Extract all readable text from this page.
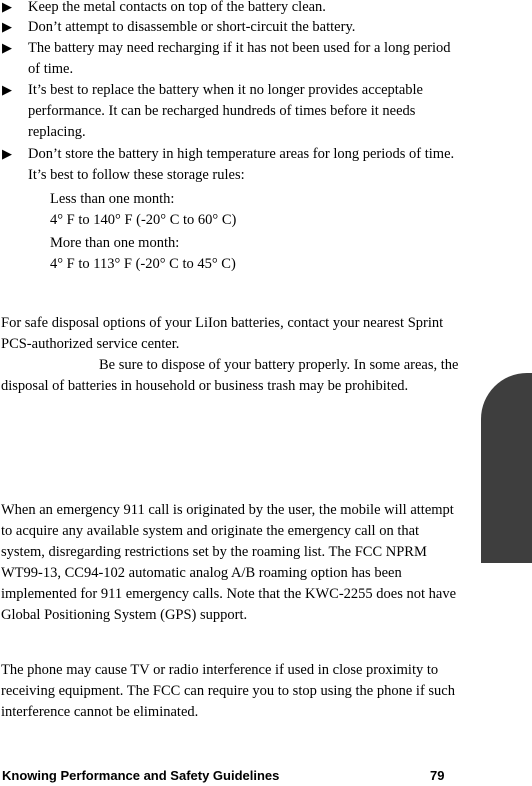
▶ Keep the metal contacts on top of the battery clean.
▶ Don’t attempt to disassemble or short-circuit the battery.
▶ The battery may need recharging if it has not been used for a long period of time.
▶ It’s best to replace the battery when it no longer provides acceptable performance. It can be recharged hundreds of times before it needs replacing.
▶ Don’t store the battery in high temperature areas for long periods of time. It’s best to follow these storage rules:
Less than one month:
4° F to 140° F (-20° C to 60° C)
More than one month:
4° F to 113° F (-20° C to 45° C)
For safe disposal options of your LiIon batteries, contact your nearest Sprint PCS-authorized service center.
Be sure to dispose of your battery properly. In some areas, the disposal of batteries in household or business trash may be prohibited.
When an emergency 911 call is originated by the user, the mobile will attempt to acquire any available system and originate the emergency call on that system, disregarding restrictions set by the roaming list. The FCC NPRM WT99-13, CC94-102 automatic analog A/B roaming option has been implemented for 911 emergency calls. Note that the KWC-2255 does not have Global Positioning System (GPS) support.
The phone may cause TV or radio interference if used in close proximity to receiving equipment. The FCC can require you to stop using the phone if such interference cannot be eliminated.
Knowing Performance and Safety Guidelines	79
